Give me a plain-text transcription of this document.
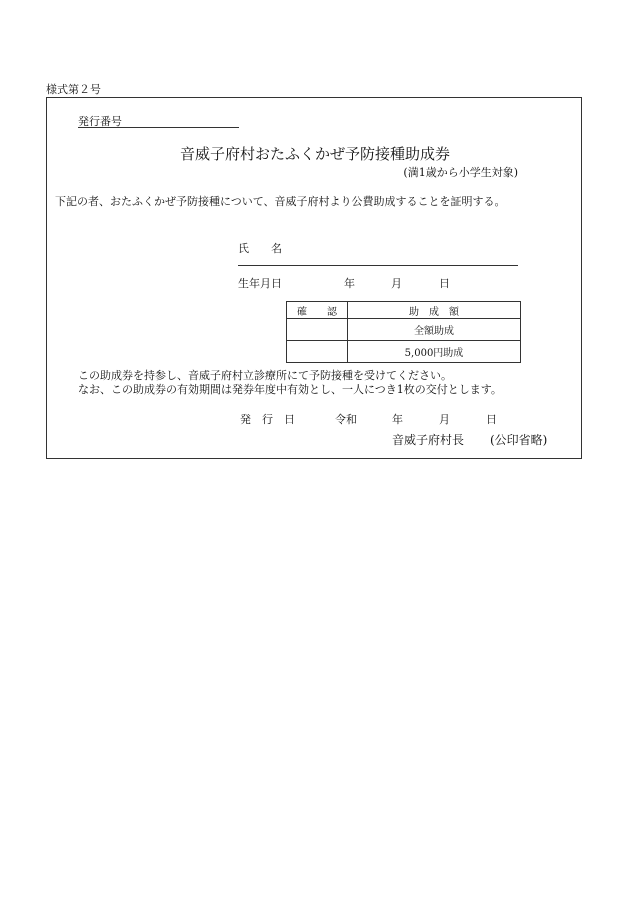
様式第２号
発行番号
音威子府村おたふくかぜ予防接種助成券
(満1歳から小学生対象)
下記の者、おたふくかぜ予防接種について、音威子府村より公費助成することを証明する。
氏　　名
生年月日	年	月	日
確　　認	助　成　額
	全額助成
	5,000円助成
この助成券を持参し、音威子府村立診療所にて予防接種を受けてください。
なお、この助成券の有効期間は発券年度中有効とし、一人につき1枚の交付とします。
発　行　日	令和	年	月	日
音威子府村長 (公印省略)
